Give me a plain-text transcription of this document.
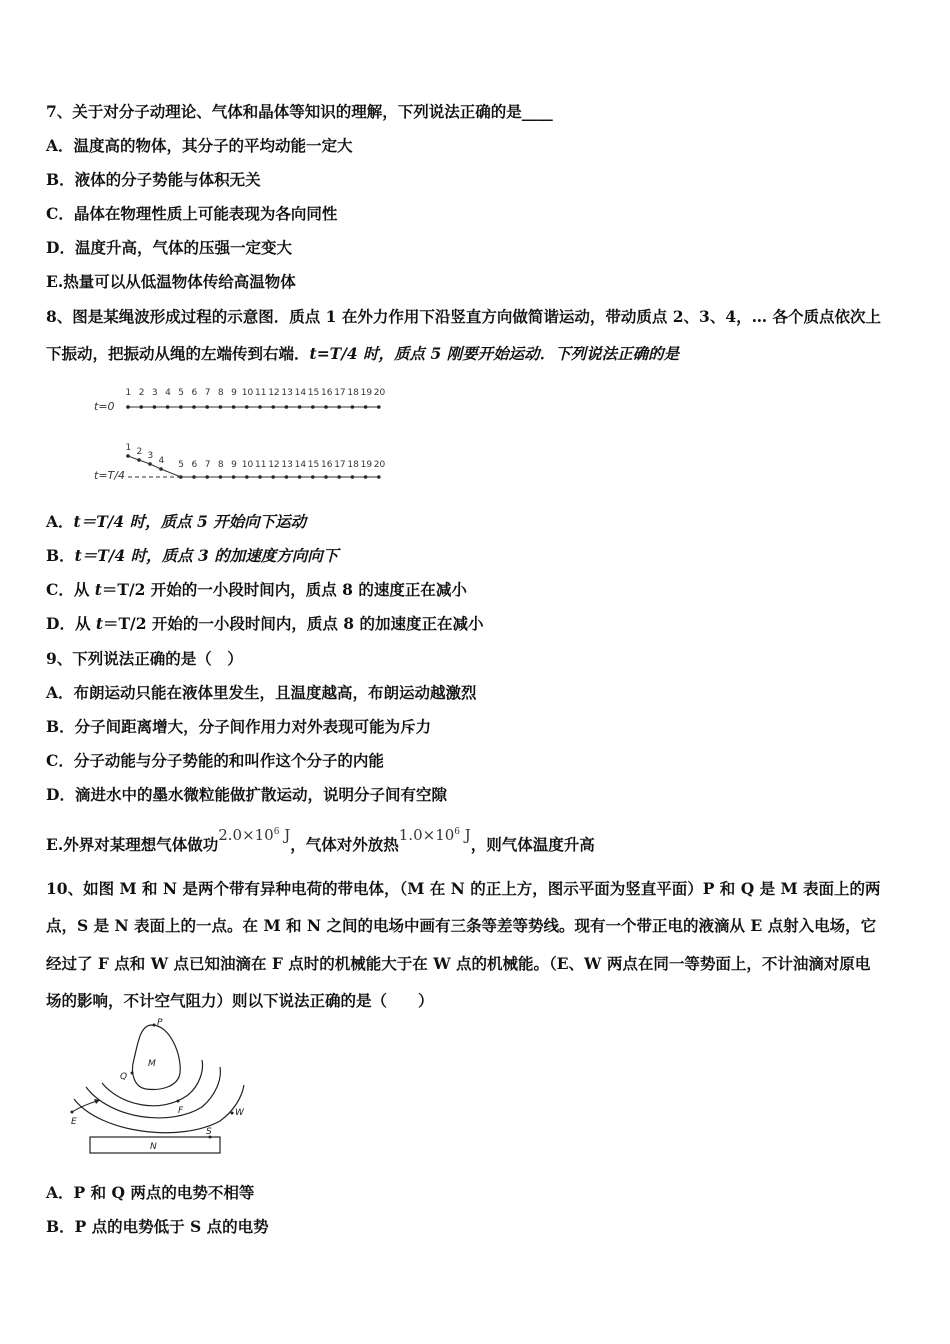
7、关于对分子动理论、气体和晶体等知识的理解，下列说法正确的是____
A．温度高的物体，其分子的平均动能一定大
B．液体的分子势能与体积无关
C．晶体在物理性质上可能表现为各向同性
D．温度升高，气体的压强一定变大
E.热量可以从低温物体传给高温物体
8、图是某绳波形成过程的示意图．质点 1 在外力作用下沿竖直方向做简谐运动，带动质点 2、3、4，… 各个质点依次上
下振动，把振动从绳的左端传到右端．t=T/4 时，质点 5 刚要开始运动．下列说法正确的是
t=0
1 2 3 4 5 6 7 8 9 10 11 12 13 14 15 16 17 18 19 20
t=T/4
1 2 3 4 5 6 7 8 9 10 11 12 13 14 15 16 17 18 19 20
A．t＝T/4 时，质点 5 开始向下运动
B．t＝T/4 时，质点 3 的加速度方向向下
C．从 t＝T/2 开始的一小段时间内，质点 8 的速度正在减小
D．从 t＝T/2 开始的一小段时间内，质点 8 的加速度正在减小
9、下列说法正确的是（　）
A．布朗运动只能在液体里发生，且温度越高，布朗运动越激烈
B．分子间距离增大，分子间作用力对外表现可能为斥力
C．分子动能与分子势能的和叫作这个分子的内能
D．滴进水中的墨水微粒能做扩散运动，说明分子间有空隙
E.外界对某理想气体做功$2.0\times 10^6$ J，气体对外放热$1.0\times 10^6$ J，则气体温度升高
10、如图 M 和 N 是两个带有异种电荷的带电体，（M 在 N 的正上方，图示平面为竖直平面）P 和 Q 是 M 表面上的两
点，S 是 N 表面上的一点。在 M 和 N 之间的电场中画有三条等差等势线。现有一个带正电的液滴从 E 点射入电场，它
经过了 F 点和 W 点已知油滴在 F 点时的机械能大于在 W 点的机械能。（E、W 两点在同一等势面上，不计油滴对原电
场的影响，不计空气阻力）则以下说法正确的是（　　）
P
M
Q
F
E
W
N
S
A．P 和 Q 两点的电势不相等
B．P 点的电势低于 S 点的电势
